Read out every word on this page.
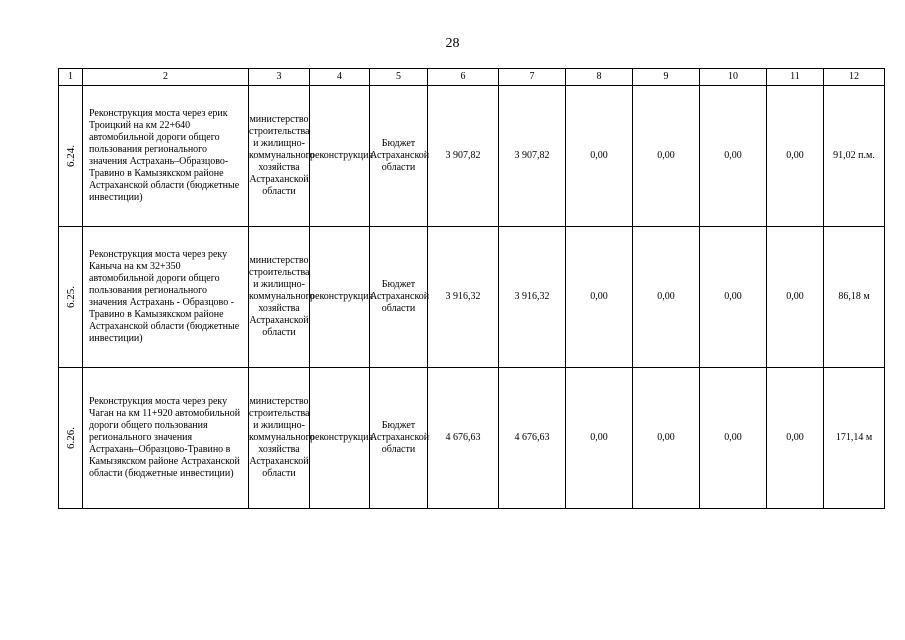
28
1	2	3	4	5	6	7	8	9	10	11	12

6.24.	Реконструкция моста через ерик Троицкий на км 22+640 автомобильной дороги общего пользования регионального значения Астрахань–Образцово-Травино в Камызякском районе Астраханской области (бюджетные инвестиции)	министерство строительства и жилищно-коммунального хозяйства Астраханской области	реконструкция	Бюджет Астраханской области	3 907,82	3 907,82	0,00	0,00	0,00	0,00	91,02 п.м.

6.25.	Реконструкция моста через реку Каныча на км 32+350 автомобильной дороги общего пользования регионального значения Астрахань - Образцово - Травино в Камызякском районе Астраханской области (бюджетные инвестиции)	министерство строительства и жилищно-коммунального хозяйства Астраханской области	реконструкция	Бюджет Астраханской области	3 916,32	3 916,32	0,00	0,00	0,00	0,00	86,18 м

6.26.	Реконструкция моста через реку Чаган на км 11+920 автомобильной дороги общего пользования регионального значения Астрахань–Образцово-Травино в Камызякском районе Астраханской области (бюджетные инвестиции)	министерство строительства и жилищно-коммунального хозяйства Астраханской области	реконструкция	Бюджет Астраханской области	4 676,63	4 676,63	0,00	0,00	0,00	0,00	171,14 м
